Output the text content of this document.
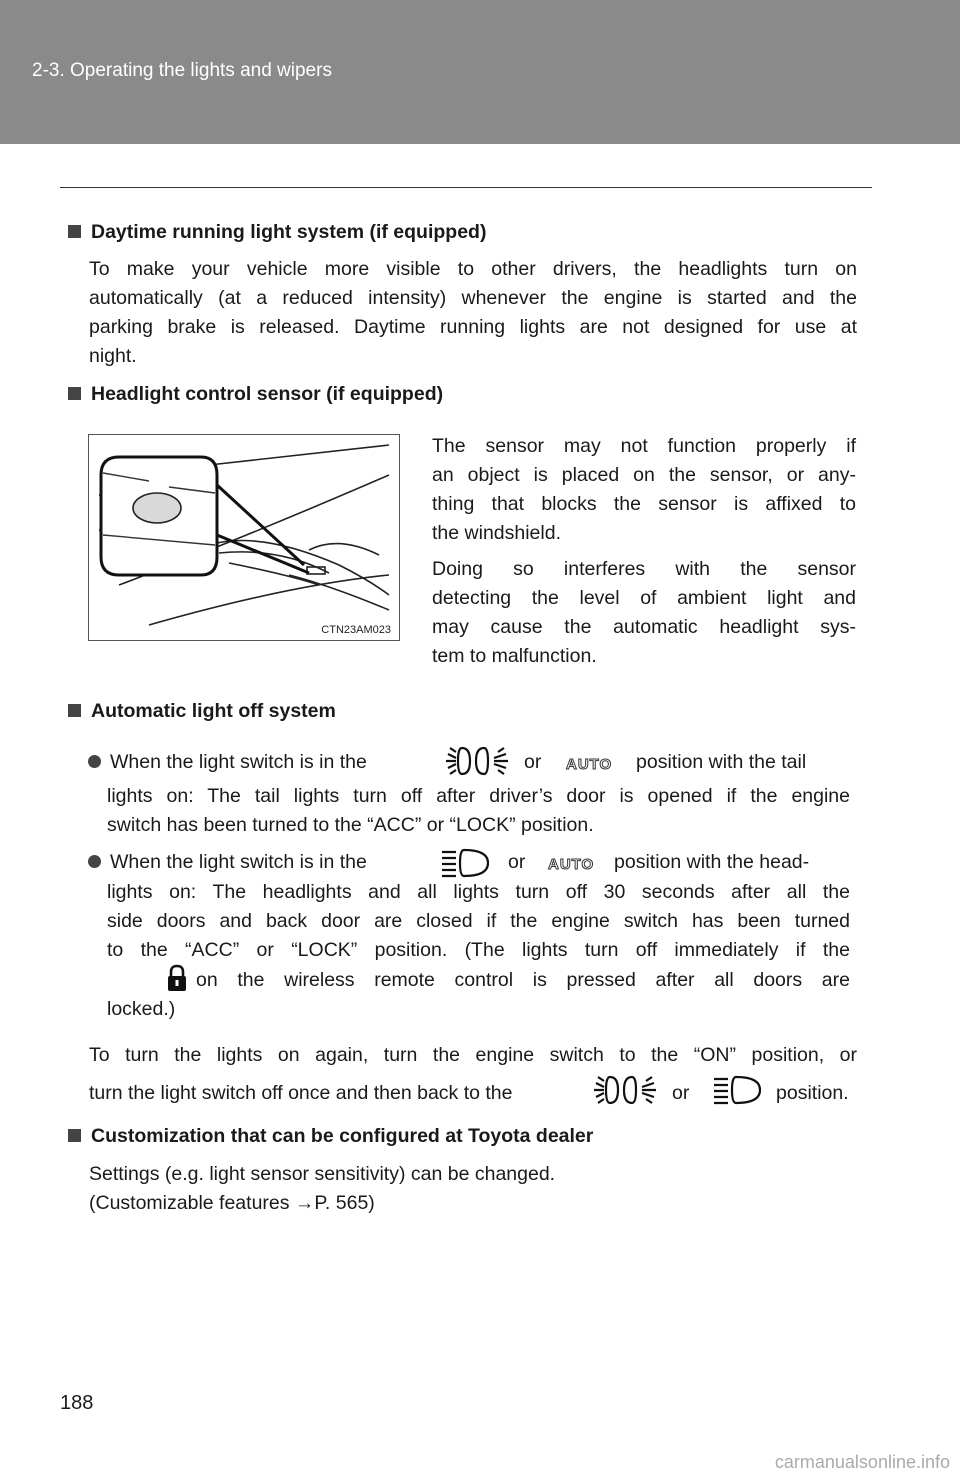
2-3. Operating the lights and wipers
Daytime running light system (if equipped)
To make your vehicle more visible to other drivers, the headlights turn on
automatically (at a reduced intensity) whenever the engine is started and the
parking brake is released. Daytime running lights are not designed for use at
night.
Headlight control sensor (if equipped)
CTN23AM023
The sensor may not function properly if
an object is placed on the sensor, or any-
thing that blocks the sensor is affixed to
the windshield.
Doing so interferes with the sensor
detecting the level of ambient light and
may cause the automatic headlight sys-
tem to malfunction.
Automatic light off system
When the light switch is in the	or AUTO position with the tail
lights on: The tail lights turn off after driver’s door is opened if the engine
switch has been turned to the “ACC” or “LOCK” position.
When the light switch is in the	or AUTO position with the head-
lights on: The headlights and all lights turn off 30 seconds after all the
side doors and back door are closed if the engine switch has been turned
to the “ACC” or “LOCK” position. (The lights turn off immediately if the
on the wireless remote control is pressed after all doors are
locked.)
To turn the lights on again, turn the engine switch to the “ON” position, or
turn the light switch off once and then back to the	or	position.
Customization that can be configured at Toyota dealer
Settings (e.g. light sensor sensitivity) can be changed.
(Customizable features →P. 565)
188
carmanualsonline.info
